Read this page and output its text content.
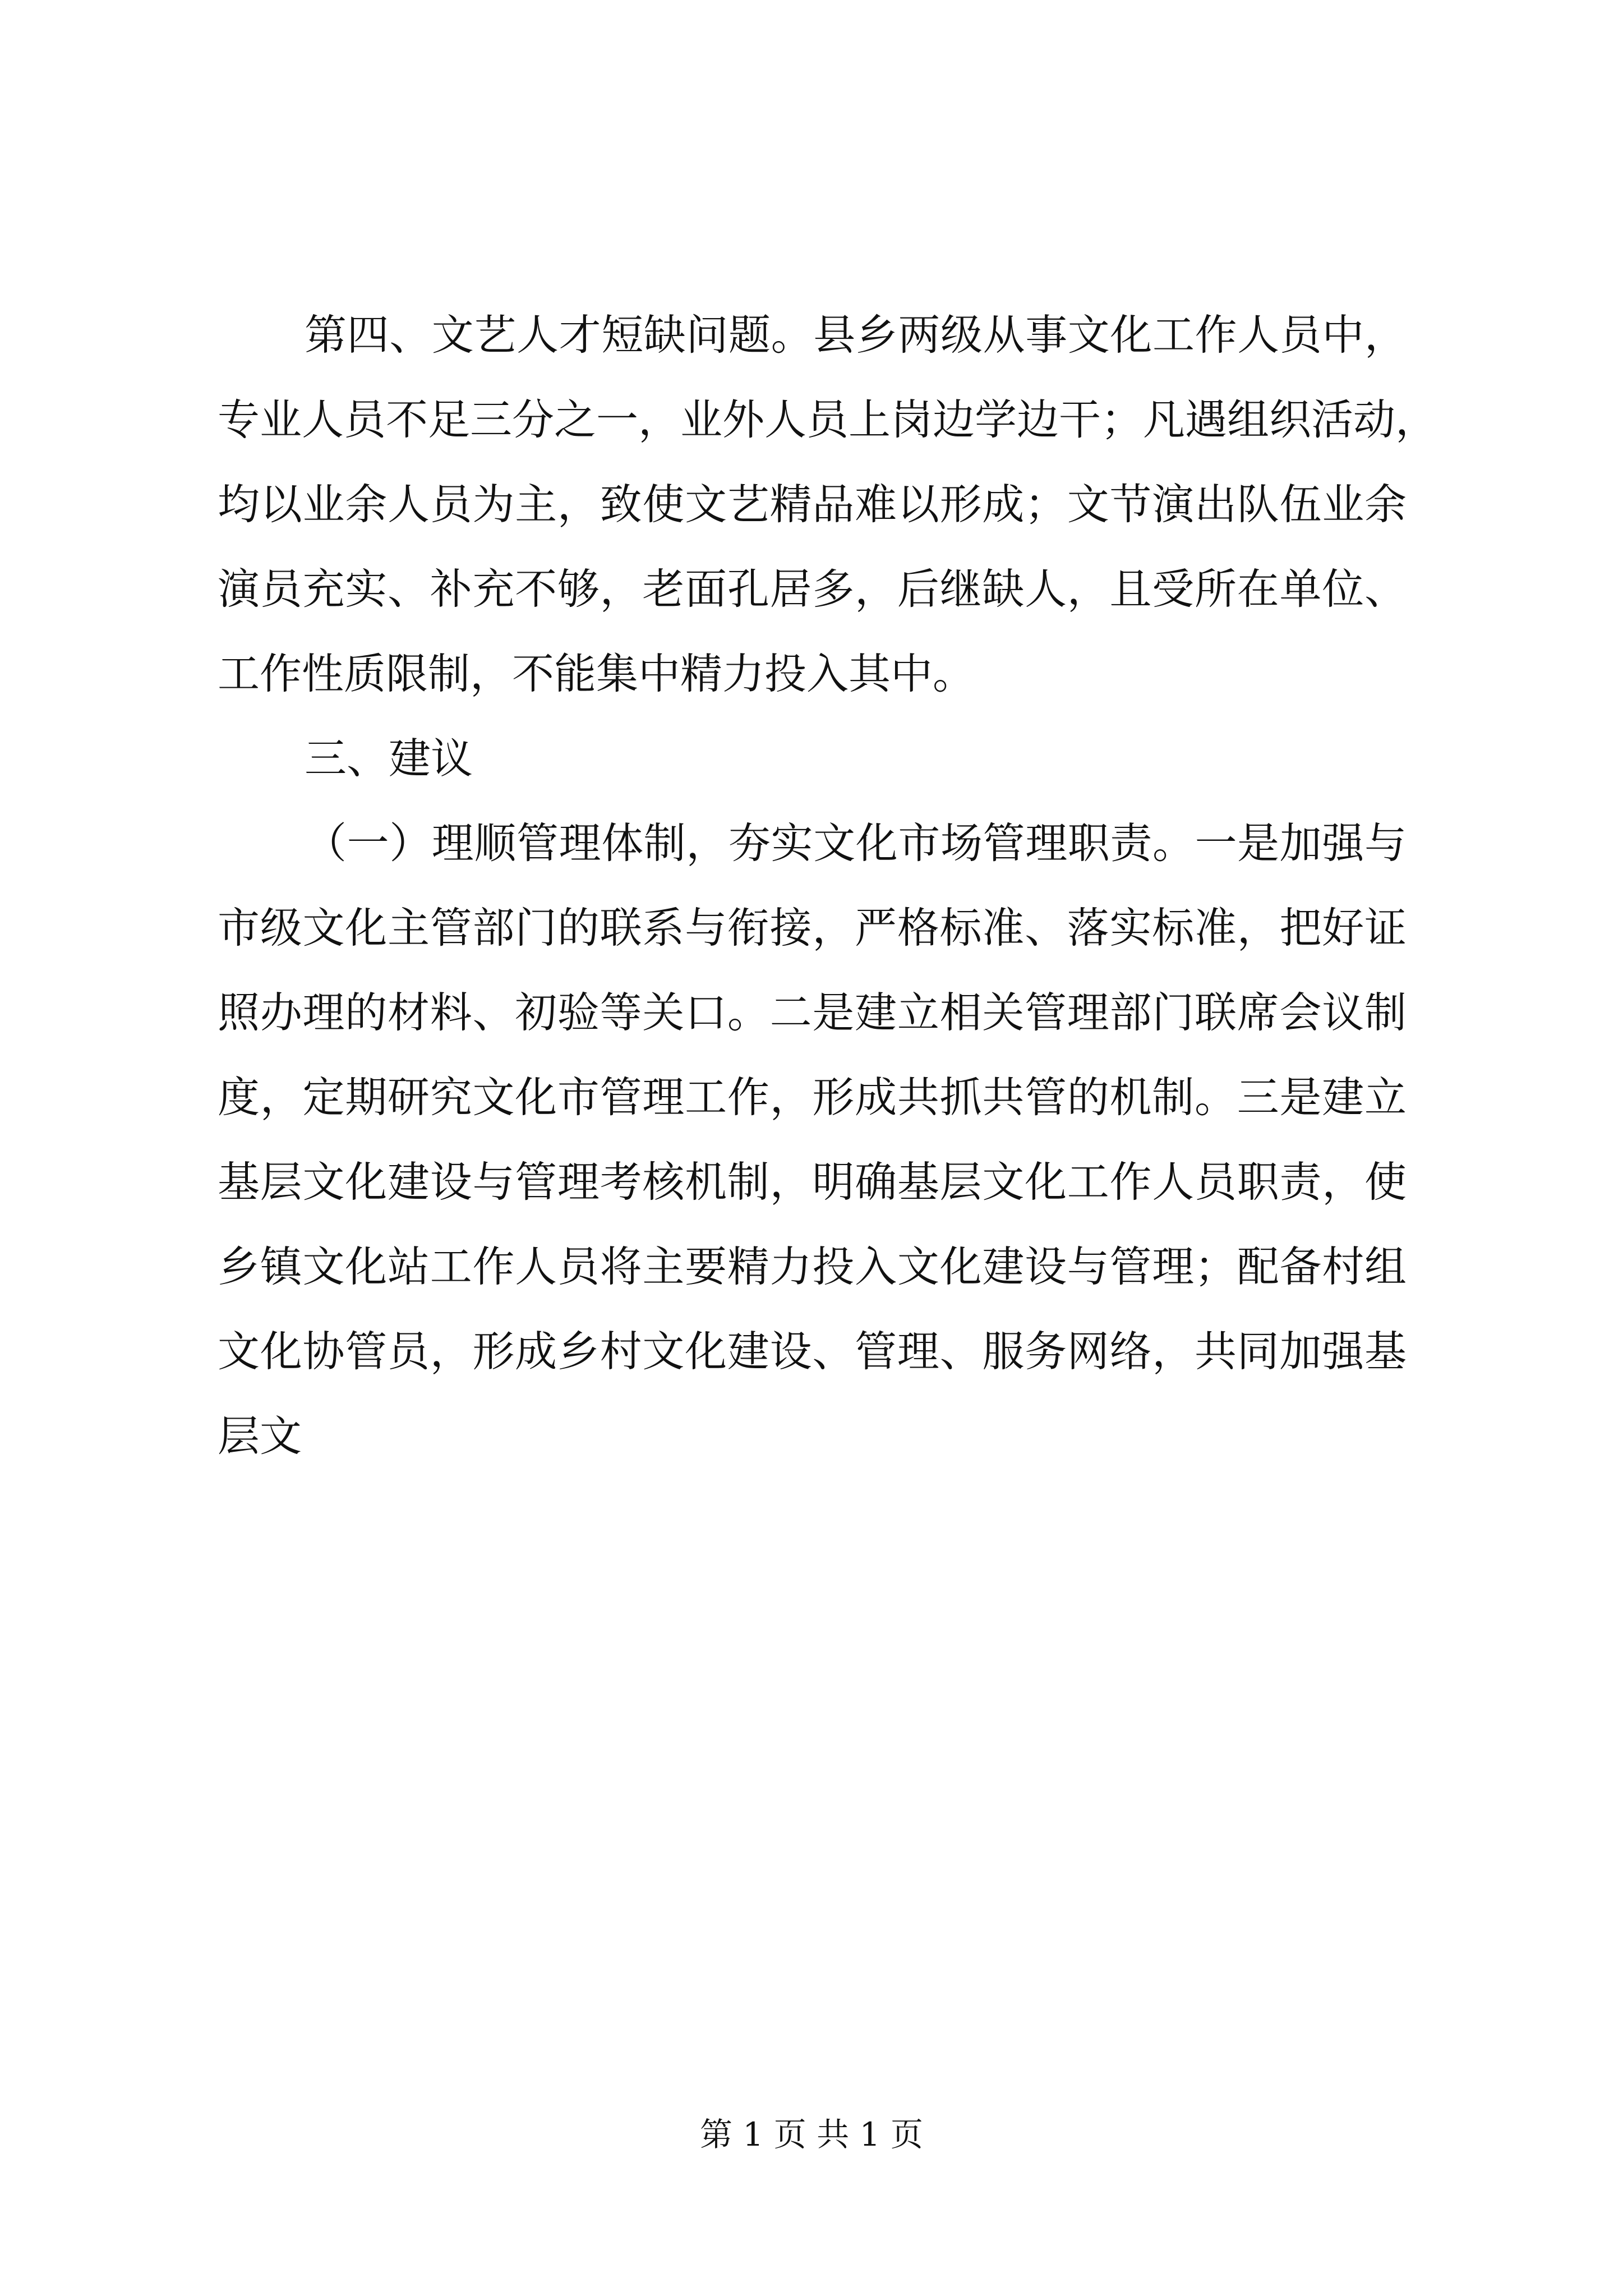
第四、文艺人才短缺问题。县乡两级从事文化工作人员中，
专业人员不足三分之一，业外人员上岗边学边干；凡遇组织活动，
均以业余人员为主，致使文艺精品难以形成；文节演出队伍业余
演员充实、补充不够，老面孔居多，后继缺人，且受所在单位、
工作性质限制，不能集中精力投入其中。
三、建议
（一）理顺管理体制，夯实文化市场管理职责。一是加强与
市级文化主管部门的联系与衔接，严格标准、落实标准，把好证
照办理的材料、初验等关口。二是建立相关管理部门联席会议制
度，定期研究文化市管理工作，形成共抓共管的机制。三是建立
基层文化建设与管理考核机制，明确基层文化工作人员职责，使
乡镇文化站工作人员将主要精力投入文化建设与管理；配备村组
文化协管员，形成乡村文化建设、管理、服务网络，共同加强基
层文
第 1 页 共 1 页
